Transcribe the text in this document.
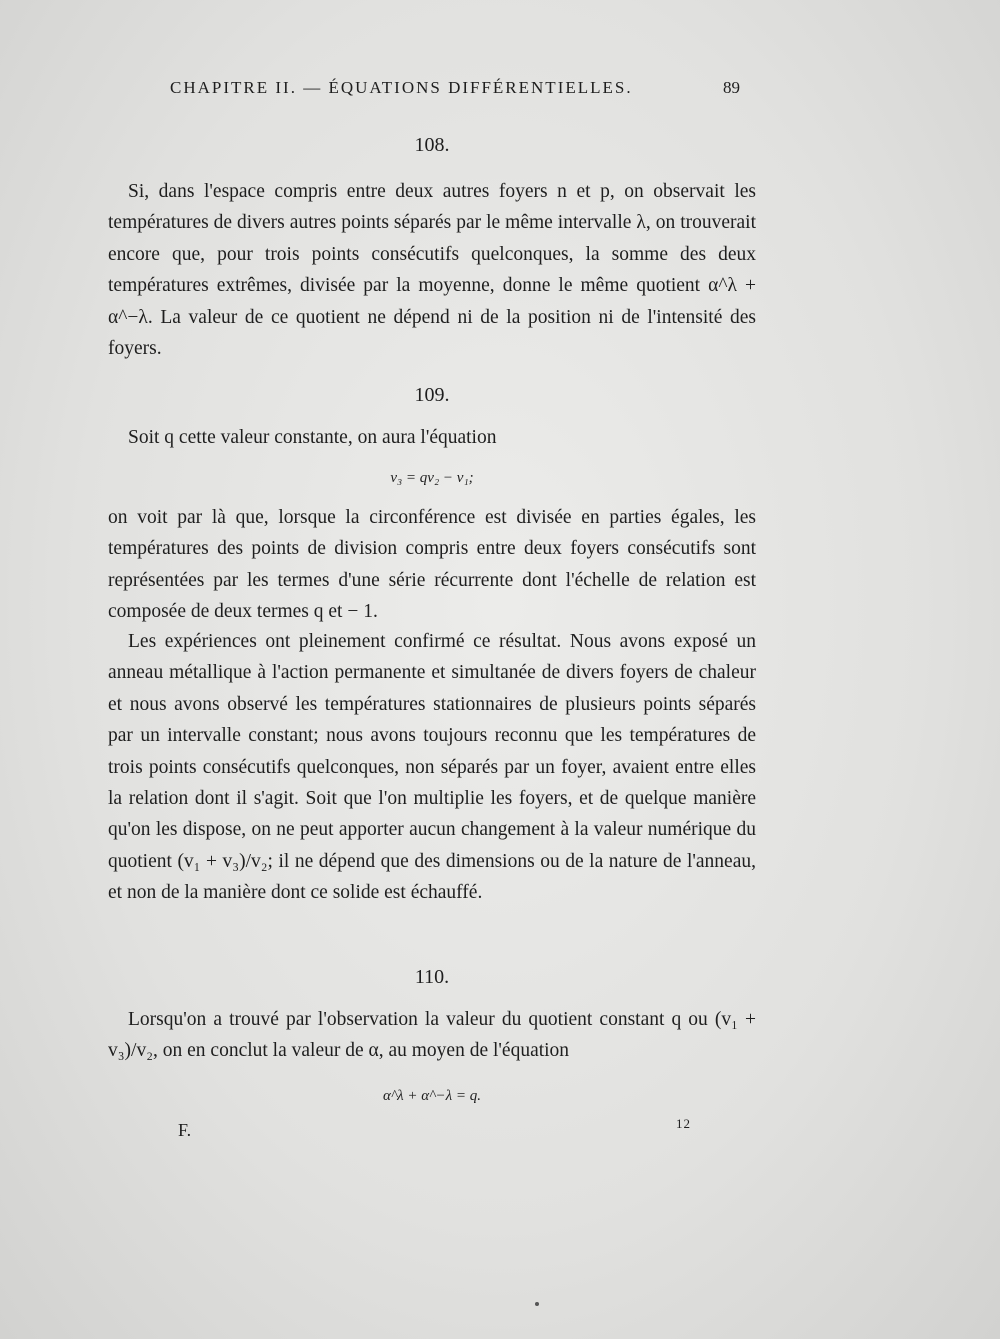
CHAPITRE II. — ÉQUATIONS DIFFÉRENTIELLES.	89
108.
Si, dans l'espace compris entre deux autres foyers n et p, on observait les températures de divers autres points séparés par le même intervalle λ, on trouverait encore que, pour trois points consécutifs quelconques, la somme des deux températures extrêmes, divisée par la moyenne, donne le même quotient α^λ + α^−λ. La valeur de ce quotient ne dépend ni de la position ni de l'intensité des foyers.
109.
Soit q cette valeur constante, on aura l'équation
v₃ = qv₂ − v₁;
on voit par là que, lorsque la circonférence est divisée en parties égales, les températures des points de division compris entre deux foyers consécutifs sont représentées par les termes d'une série récurrente dont l'échelle de relation est composée de deux termes q et − 1.
Les expériences ont pleinement confirmé ce résultat. Nous avons exposé un anneau métallique à l'action permanente et simultanée de divers foyers de chaleur et nous avons observé les températures stationnaires de plusieurs points séparés par un intervalle constant; nous avons toujours reconnu que les températures de trois points consécutifs quelconques, non séparés par un foyer, avaient entre elles la relation dont il s'agit. Soit que l'on multiplie les foyers, et de quelque manière qu'on les dispose, on ne peut apporter aucun changement à la valeur numérique du quotient (v₁ + v₃)/v₂; il ne dépend que des dimensions ou de la nature de l'anneau, et non de la manière dont ce solide est échauffé.
110.
Lorsqu'on a trouvé par l'observation la valeur du quotient constant q ou (v₁ + v₃)/v₂, on en conclut la valeur de α, au moyen de l'équation
α^λ + α^−λ = q.
F.	12
